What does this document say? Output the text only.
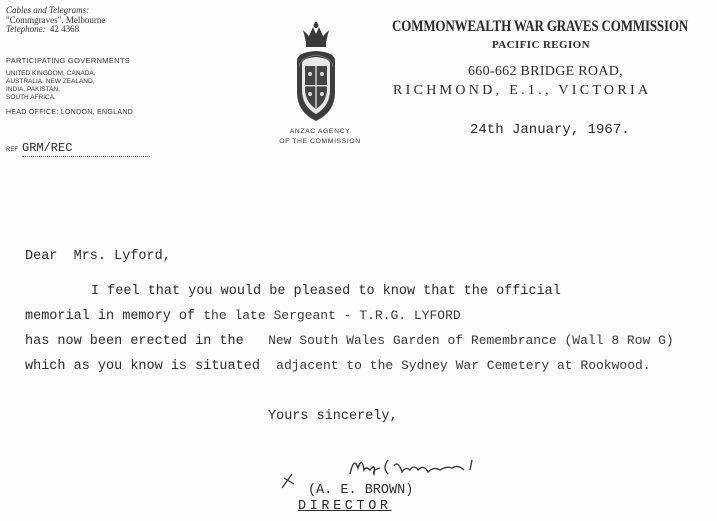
Cables and Telegrams:
"Commgraves", Melbourne
Telephone: 42 4368
PARTICIPATING GOVERNMENTS
UNITED KINGDOM, CANADA,
AUSTRALIA, NEW ZEALAND,
INDIA, PAKISTAN,
SOUTH AFRICA.
HEAD OFFICE: LONDON, ENGLAND
REF GRM/REC
ANZAC AGENCY
OF THE COMMISSION
COMMONWEALTH WAR GRAVES COMMISSION
PACIFIC REGION
660-662 BRIDGE ROAD,
RICHMOND, E.1., VICTORIA
24th January, 1967.
Dear Mrs. Lyford,
I feel that you would be pleased to know that the official
memorial in memory of the late Sergeant - T.R.G. LYFORD
has now been erected in the New South Wales Garden of Remembrance (Wall 8 Row G)
which as you know is situated adjacent to the Sydney War Cemetery at Rookwood.
Yours sincerely,
(A. E. BROWN)
DIRECTOR
